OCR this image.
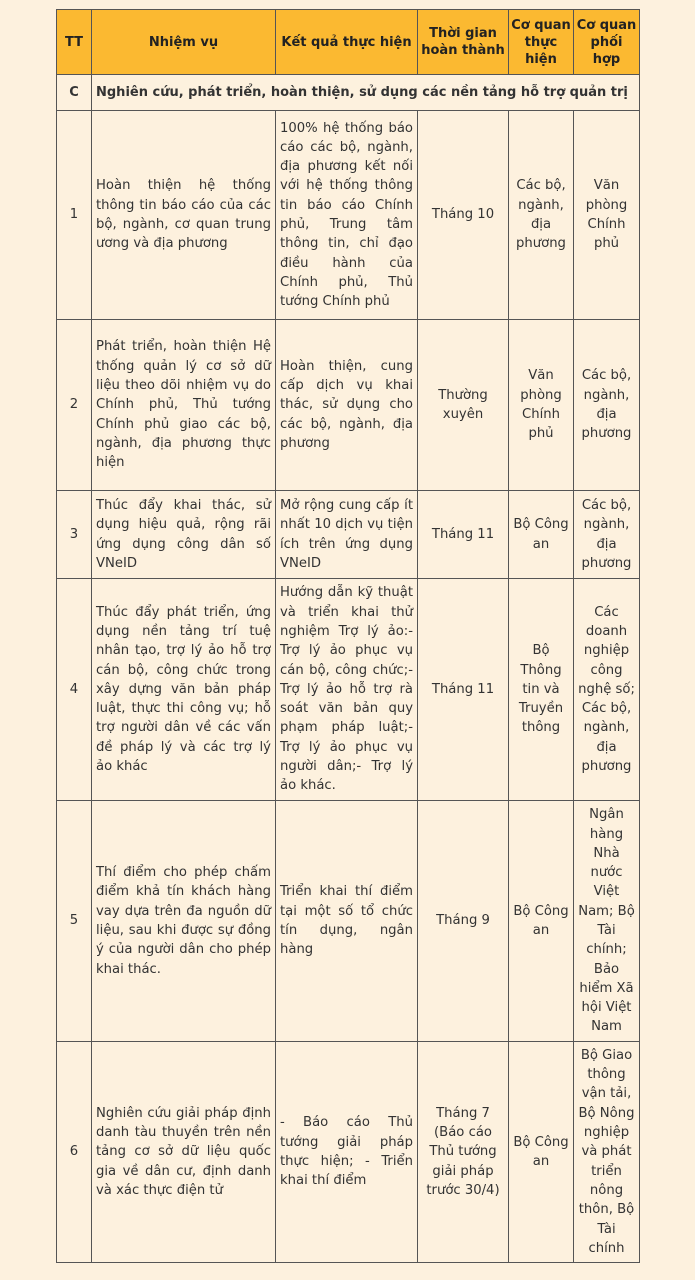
TT	Nhiệm vụ	Kết quả thực hiện	Thời gian hoàn thành	Cơ quan thực hiện	Cơ quan phối hợp
C	Nghiên cứu, phát triển, hoàn thiện, sử dụng các nền tảng hỗ trợ quản trị				
1	Hoàn thiện hệ thống thông tin báo cáo của các bộ, ngành, cơ quan trung ương và địa phương	100% hệ thống báo cáo các bộ, ngành, địa phương kết nối với hệ thống thông tin báo cáo Chính phủ, Trung tâm thông tin, chỉ đạo điều hành của Chính phủ, Thủ tướng Chính phủ	Tháng 10	Các bộ, ngành, địa phương	Văn phòng Chính phủ
2	Phát triển, hoàn thiện Hệ thống quản lý cơ sở dữ liệu theo dõi nhiệm vụ do Chính phủ, Thủ tướng Chính phủ giao các bộ, ngành, địa phương thực hiện	Hoàn thiện, cung cấp dịch vụ khai thác, sử dụng cho các bộ, ngành, địa phương	Thường xuyên	Văn phòng Chính phủ	Các bộ, ngành, địa phương
3	Thúc đẩy khai thác, sử dụng hiệu quả, rộng rãi ứng dụng công dân số VNeID	Mở rộng cung cấp ít nhất 10 dịch vụ tiện ích trên ứng dụng VNeID	Tháng 11	Bộ Công an	Các bộ, ngành, địa phương
4	Thúc đẩy phát triển, ứng dụng nền tảng trí tuệ nhân tạo, trợ lý ảo hỗ trợ cán bộ, công chức trong xây dựng văn bản pháp luật, thực thi công vụ; hỗ trợ người dân về các vấn đề pháp lý và các trợ lý ảo khác	Hướng dẫn kỹ thuật và triển khai thử nghiệm Trợ lý ảo:- Trợ lý ảo phục vụ cán bộ, công chức;- Trợ lý ảo hỗ trợ rà soát văn bản quy phạm pháp luật;- Trợ lý ảo phục vụ người dân;- Trợ lý ảo khác.	Tháng 11	Bộ Thông tin và Truyền thông	Các doanh nghiệp công nghệ số; Các bộ, ngành, địa phương
5	Thí điểm cho phép chấm điểm khả tín khách hàng vay dựa trên đa nguồn dữ liệu, sau khi được sự đồng ý của người dân cho phép khai thác.	Triển khai thí điểm tại một số tổ chức tín dụng, ngân hàng	Tháng 9	Bộ Công an	Ngân hàng Nhà nước Việt Nam; Bộ Tài chính; Bảo hiểm Xã hội Việt Nam
6	Nghiên cứu giải pháp định danh tàu thuyền trên nền tảng cơ sở dữ liệu quốc gia về dân cư, định danh và xác thực điện tử	- Báo cáo Thủ tướng giải pháp thực hiện; - Triển khai thí điểm	Tháng 7 (Báo cáo Thủ tướng giải pháp trước 30/4)	Bộ Công an	Bộ Giao thông vận tải, Bộ Nông nghiệp và phát triển nông thôn, Bộ Tài chính
